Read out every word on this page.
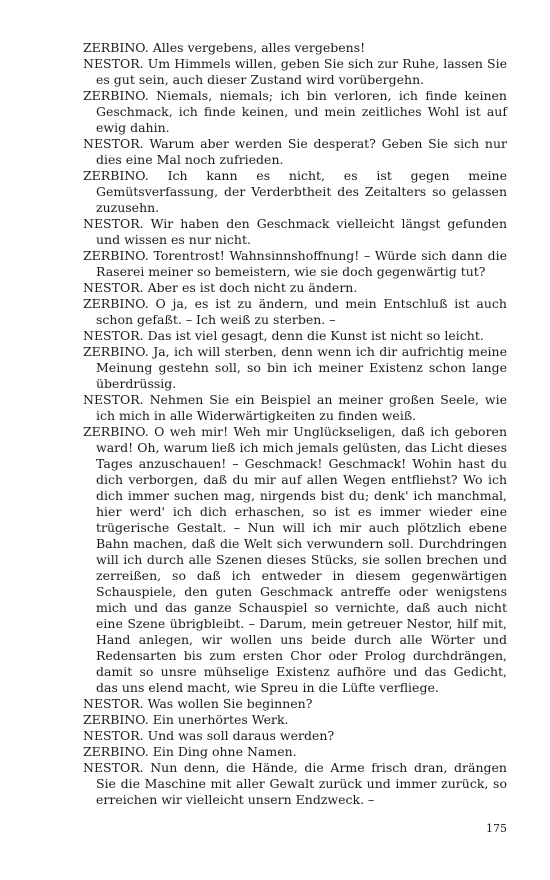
ZERBINO. Alles vergebens, alles vergebens!

NESTOR. Um Himmels willen, geben Sie sich zur Ruhe, lassen Sie es gut sein, auch dieser Zustand wird vorübergehn.

ZERBINO. Niemals, niemals; ich bin verloren, ich finde keinen Geschmack, ich finde keinen, und mein zeitliches Wohl ist auf ewig dahin.

NESTOR. Warum aber werden Sie desperat? Geben Sie sich nur dies eine Mal noch zufrieden.

ZERBINO. Ich kann es nicht, es ist gegen meine Gemütsverfassung, der Verderbtheit des Zeitalters so gelassen zuzusehn.

NESTOR. Wir haben den Geschmack vielleicht längst gefunden und wissen es nur nicht.

ZERBINO. Torentrost! Wahnsinnshoffnung! – Würde sich dann die Raserei meiner so bemeistern, wie sie doch gegenwärtig tut?

NESTOR. Aber es ist doch nicht zu ändern.

ZERBINO. O ja, es ist zu ändern, und mein Entschluß ist auch schon gefaßt. – Ich weiß zu sterben. –

NESTOR. Das ist viel gesagt, denn die Kunst ist nicht so leicht.

ZERBINO. Ja, ich will sterben, denn wenn ich dir aufrichtig meine Meinung gestehn soll, so bin ich meiner Existenz schon lange überdrüssig.

NESTOR. Nehmen Sie ein Beispiel an meiner großen Seele, wie ich mich in alle Widerwärtigkeiten zu finden weiß.

ZERBINO. O weh mir! Weh mir Unglückseligen, daß ich geboren ward! Oh, warum ließ ich mich jemals gelüsten, das Licht dieses Tages anzuschauen! – Geschmack! Geschmack! Wohin hast du dich verborgen, daß du mir auf allen Wegen entfliehst? Wo ich dich immer suchen mag, nirgends bist du; denk' ich manchmal, hier werd' ich dich erhaschen, so ist es immer wieder eine trügerische Gestalt. – Nun will ich mir auch plötzlich ebene Bahn machen, daß die Welt sich verwundern soll. Durchdringen will ich durch alle Szenen dieses Stücks, sie sollen brechen und zerreißen, so daß ich entweder in diesem gegenwärtigen Schauspiele, den guten Geschmack antreffe oder wenigstens mich und das ganze Schauspiel so vernichte, daß auch nicht eine Szene übrigbleibt. – Darum, mein getreuer Nestor, hilf mit, Hand anlegen, wir wollen uns beide durch alle Wörter und Redensarten bis zum ersten Chor oder Prolog durchdrängen, damit so unsre mühselige Existenz aufhöre und das Gedicht, das uns elend macht, wie Spreu in die Lüfte verfliege.

NESTOR. Was wollen Sie beginnen?

ZERBINO. Ein unerhörtes Werk.

NESTOR. Und was soll daraus werden?

ZERBINO. Ein Ding ohne Namen.

NESTOR. Nun denn, die Hände, die Arme frisch dran, drängen Sie die Maschine mit aller Gewalt zurück und immer zurück, so erreichen wir vielleicht unsern Endzweck. –

175
